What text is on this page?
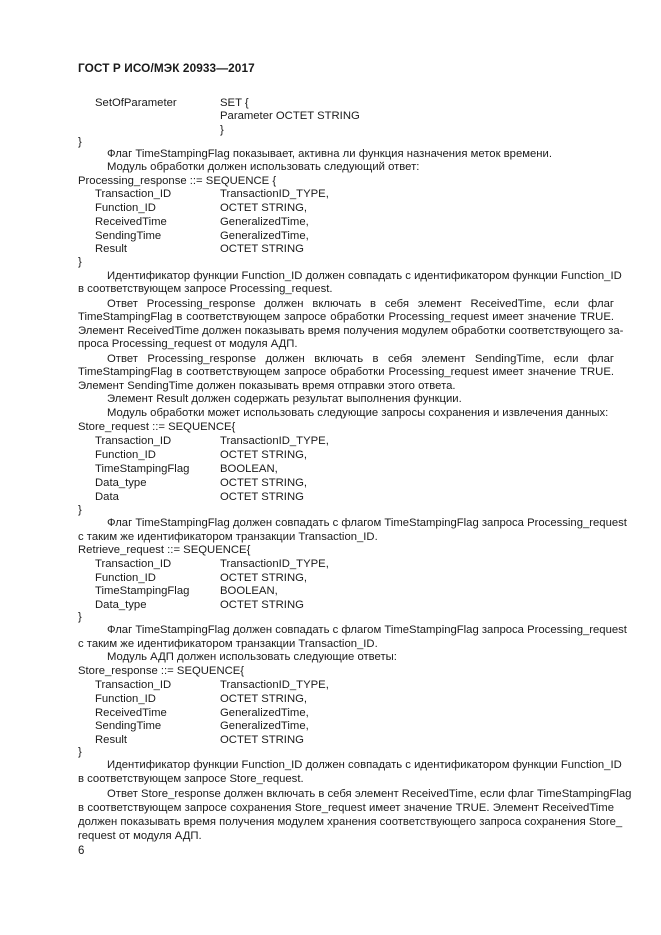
ГОСТ Р ИСО/МЭК 20933—2017
SetOfParameter	SET {
Parameter OCTET STRING
}
}
Флаг TimeStampingFlag показывает, активна ли функция назначения меток времени.
Модуль обработки должен использовать следующий ответ:
Processing_response ::= SEQUENCE {
Transaction_ID	TransactionID_TYPE,
Function_ID	OCTET STRING,
ReceivedTime	GeneralizedTime,
SendingTime	GeneralizedTime,
Result	OCTET STRING
}
Идентификатор функции Function_ID должен совпадать с идентификатором функции Function_ID
в соответствующем запросе Processing_request.
Ответ Processing_response должен включать в себя элемент ReceivedTime, если флаг
TimeStampingFlag в соответствующем запросе обработки Processing_request имеет значение TRUE.
Элемент ReceivedTime должен показывать время получения модулем обработки соответствующего за-
проса Processing_request от модуля АДП.
Ответ Processing_response должен включать в себя элемент SendingTime, если флаг
TimeStampingFlag в соответствующем запросе обработки Processing_request имеет значение TRUE.
Элемент SendingTime должен показывать время отправки этого ответа.
Элемент Result должен содержать результат выполнения функции.
Модуль обработки может использовать следующие запросы сохранения и извлечения данных:
Store_request ::= SEQUENCE{
Transaction_ID	TransactionID_TYPE,
Function_ID	OCTET STRING,
TimeStampingFlag	BOOLEAN,
Data_type	OCTET STRING,
Data	OCTET STRING
}
Флаг TimeStampingFlag должен совпадать с флагом TimeStampingFlag запроса Processing_request
с таким же идентификатором транзакции Transaction_ID.
Retrieve_request ::= SEQUENCE{
Transaction_ID	TransactionID_TYPE,
Function_ID	OCTET STRING,
TimeStampingFlag	BOOLEAN,
Data_type	OCTET STRING
}
Флаг TimeStampingFlag должен совпадать с флагом TimeStampingFlag запроса Processing_request
с таким же идентификатором транзакции Transaction_ID.
Модуль АДП должен использовать следующие ответы:
Store_response ::= SEQUENCE{
Transaction_ID	TransactionID_TYPE,
Function_ID	OCTET STRING,
ReceivedTime	GeneralizedTime,
SendingTime	GeneralizedTime,
Result	OCTET STRING
}
Идентификатор функции Function_ID должен совпадать с идентификатором функции Function_ID
в соответствующем запросе Store_request.
Ответ Store_response должен включать в себя элемент ReceivedTime, если флаг TimeStampingFlag
в соответствующем запросе сохранения Store_request имеет значение TRUE. Элемент ReceivedTime
должен показывать время получения модулем хранения соответствующего запроса сохранения Store_
request от модуля АДП.
6
